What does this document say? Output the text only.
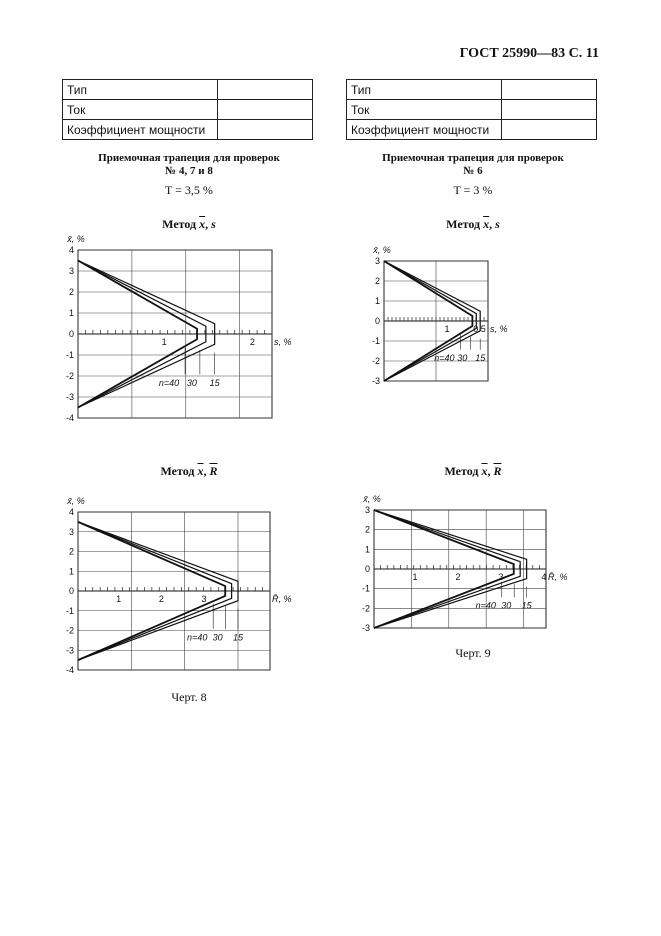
ГОСТ 25990—83 С. 11
Тип	
Ток	
Коэффициент мощности	
Тип	
Ток	
Коэффициент мощности	
Приемочная трапеция для проверок
№ 4, 7 и 8
T = 3,5 %
Приемочная трапеция для проверок
№ 6
T = 3 %
Метод $\overline{x}$, s	Метод $\overline{x}$, s
Метод $\overline{x}$, $\overline{R}$	Метод $\overline{x}$, $\overline{R}$
4
3
2
1
0
-1
-2
-3
-4
1	2
x̄, %
s, %
n=40 30 15
3
2
1
0
-1
-2
-3
1	0.5
x̄, %
s, %
n=40 30 15
4
3
2
1
0
-1
-2
-3
-4
1	2	3
x̄, %
R̄, %
n=40 30 15
3
2
1
0
-1
-2
-3
1	2	3	4
x̄, %
R̄, %
n=40 30 15
Черт. 9
Черт. 8
